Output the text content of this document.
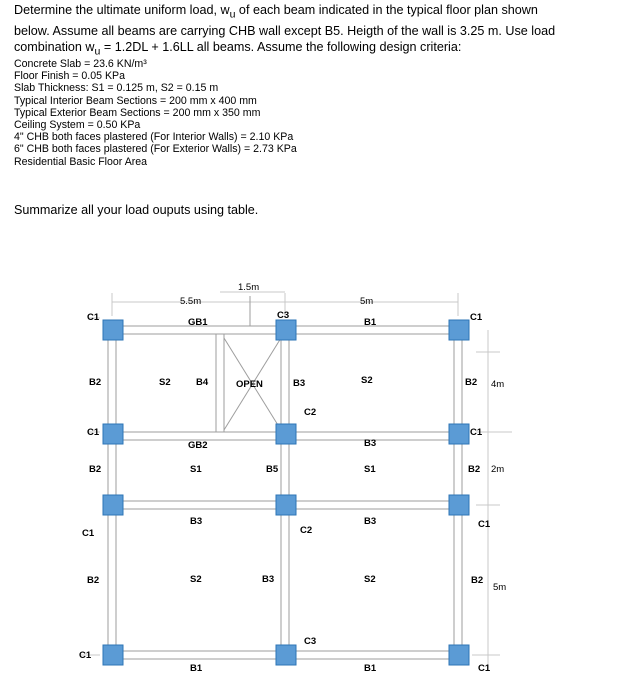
Determine the ultimate uniform load, $w_u$ of each beam indicated in the typical floor plan shown

below. Assume all beams are carrying CHB wall except B5. Heigth of the wall is 3.25 m. Use load

combination $w_u = 1.2DL + 1.6LL$ all beams. Assume the following design criteria:

Concrete Slab = 23.6 KN/m³
Floor Finish = 0.05 KPa
Slab Thickness: S1 = 0.125 m, S2 = 0.15 m
Typical Interior Beam Sections = 200 mm x 400 mm
Typical Exterior Beam Sections = 200 mm x 350 mm
Ceiling System = 0.50 KPa
4" CHB both faces plastered (For Interior Walls) = 2.10 KPa
6" CHB both faces plastered (For Exterior Walls) = 2.73 KPa
Residential Basic Floor Area
Summarize all your load ouputs using table.
1.5m
5.5m	5m
4m
2m
5m
C1	GB1
C3
B1	C1
B2	S2	B4	OPEN	B3	S2	B2
C2
C1	C1
GB2	B3
B2	S1	B5	S1	B2
B3	B3	C1
C1	C2
B2	S2	B3	S2	B2
C3
C1
B1	B1	C1
